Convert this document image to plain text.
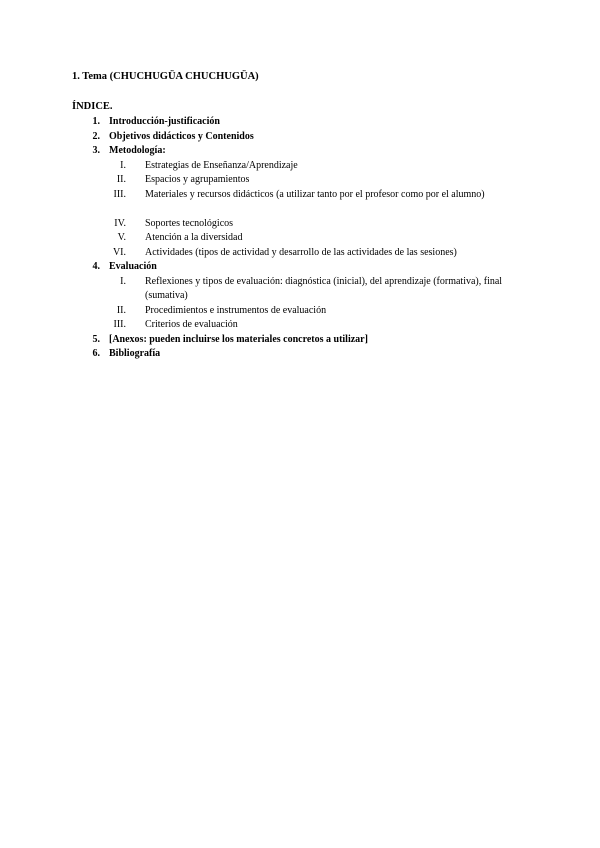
1. Tema (CHUCHUGÜA CHUCHUGÜA)
ÍNDICE.
1. Introducción-justificación
2. Objetivos didácticos y Contenidos
3. Metodología:
I. Estrategias de Enseñanza/Aprendizaje
II. Espacios y agrupamientos
III. Materiales y recursos didácticos (a utilizar tanto por el profesor como por el alumno)
IV. Soportes tecnológicos
V. Atención a la diversidad
VI. Actividades (tipos de actividad y desarrollo de las actividades de las sesiones)
4. Evaluación
I. Reflexiones y tipos de evaluación: diagnóstica (inicial), del aprendizaje (formativa), final (sumativa)
II. Procedimientos e instrumentos de evaluación
III. Criterios de evaluación
5. [Anexos: pueden incluirse los materiales concretos a utilizar]
6. Bibliografía
